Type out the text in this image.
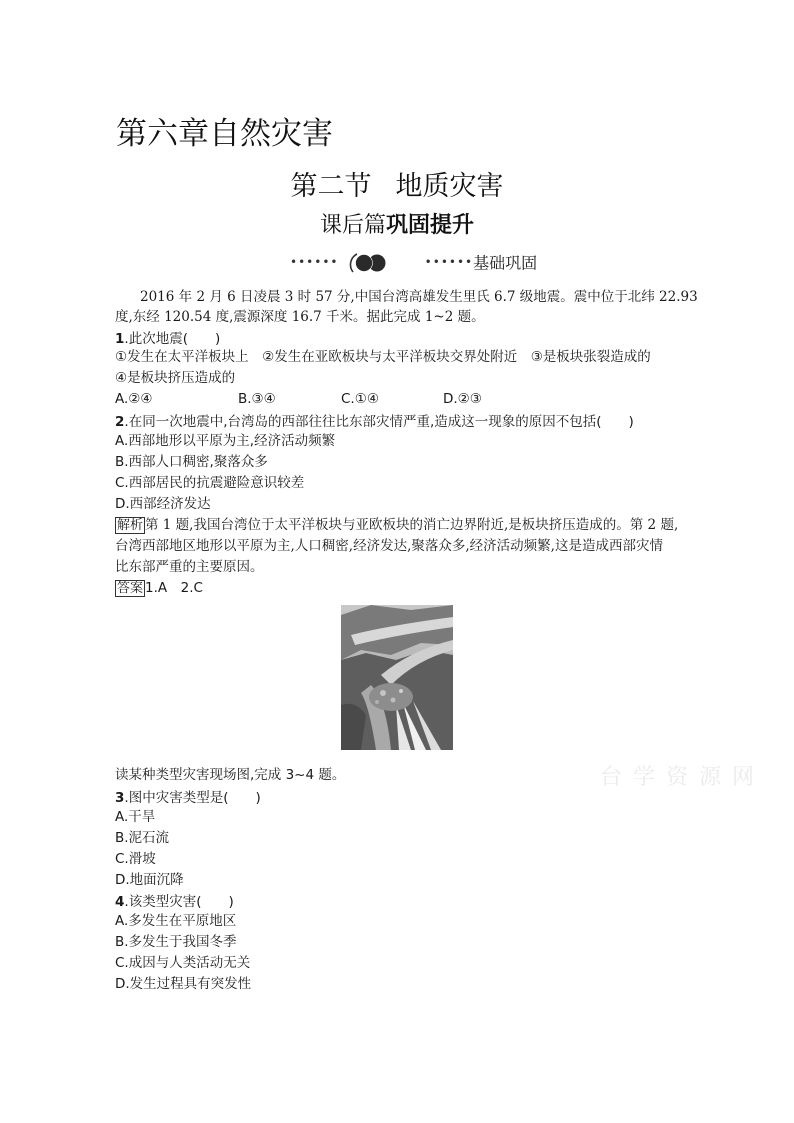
第六章自然灾害
第二节 地质灾害
课后篇巩固提升
••••••	••••••基础巩固
2016 年 2 月 6 日凌晨 3 时 57 分,中国台湾高雄发生里氏 6.7 级地震。震中位于北纬 22.93
度,东经 120.54 度,震源深度 16.7 千米。据此完成 1~2 题。
1.此次地震(　　)
①发生在太平洋板块上　②发生在亚欧板块与太平洋板块交界处附近　③是板块张裂造成的
④是板块挤压造成的
A.②④	B.③④	C.①④	D.②③
2.在同一次地震中,台湾岛的西部往往比东部灾情严重,造成这一现象的原因不包括(　　)
A.西部地形以平原为主,经济活动频繁
B.西部人口稠密,聚落众多
C.西部居民的抗震避险意识较差
D.西部经济发达
解析 第 1 题,我国台湾位于太平洋板块与亚欧板块的消亡边界附近,是板块挤压造成的。第 2 题,
台湾西部地区地形以平原为主,人口稠密,经济发达,聚落众多,经济活动频繁,这是造成西部灾情
比东部严重的主要原因。
答案 1.A　2.C
读某种类型灾害现场图,完成 3~4 题。
3.图中灾害类型是(　　)
A.干旱
B.泥石流
C.滑坡
D.地面沉降
4.该类型灾害(　　)
A.多发生在平原地区
B.多发生于我国冬季
C.成因与人类活动无关
D.发生过程具有突发性
台 学 资 源 网
